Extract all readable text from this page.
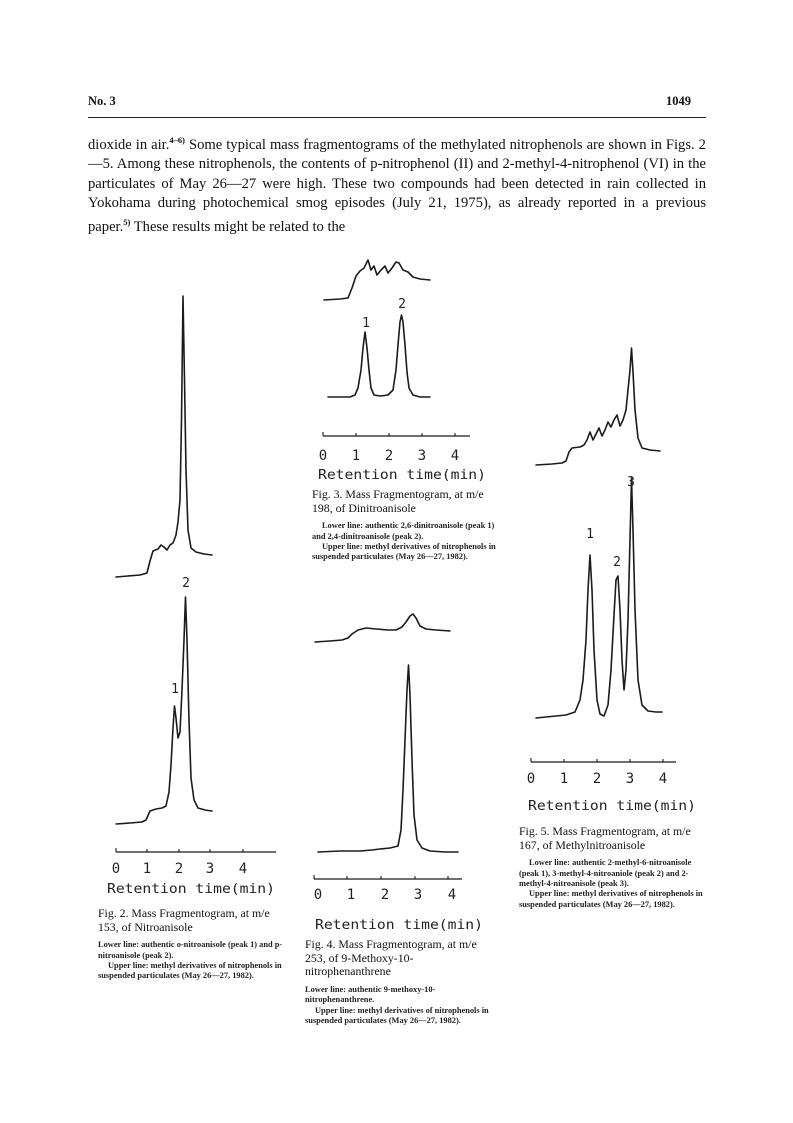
No. 3	1049

dioxide in air.$^{4-6)}$ Some typical mass fragmentograms of the methylated nitrophenols are shown in Figs. 2—5. Among these nitrophenols, the contents of p-nitrophenol (II) and 2-methyl-4-nitrophenol (VI) in the particulates of May 26—27 were high. These two compounds had been detected in rain collected in Yokohama during photochemical smog episodes (July 21, 1975), as already reported in a previous paper.$^{5)}$ These results might be related to the

2
1
0 1 2 3 4
Retention time(min)
2
1
0 1 2 3 4
Retention time(min)
0 1 2 3 4
Retention time(min)
3
1
2
0 1 2 3 4
Retention time(min)
Fig. 2. Mass Fragmentogram, at m/e 153, of Nitroanisole
Lower line: authentic o-nitroanisole (peak 1) and p-nitroanisole (peak 2).
Upper line: methyl derivatives of nitrophenols in suspended particulates (May 26—27, 1982).
Fig. 3. Mass Fragmentogram, at m/e 198, of Dinitroanisole
Lower line: authentic 2,6-dinitroanisole (peak 1) and 2,4-dinitroanisole (peak 2).
Upper line: methyl derivatives of nitrophenols in suspended particulates (May 26—27, 1982).
Fig. 4. Mass Fragmentogram, at m/e 253, of 9-Methoxy-10-nitrophenanthrene
Lower line: authentic 9-methoxy-10-nitrophenanthrene.
Upper line: methyl derivatives of nitrophenols in suspended particulates (May 26—27, 1982).
Fig. 5. Mass Fragmentogram, at m/e 167, of Methylnitroanisole
Lower line: authentic 2-methyl-6-nitroanisole (peak 1), 3-methyl-4-nitroaniole (peak 2) and 2-methyl-4-nitroanisole (peak 3).
Upper line: methyl derivatives of nitrophenols in suspended particulates (May 26—27, 1982).
